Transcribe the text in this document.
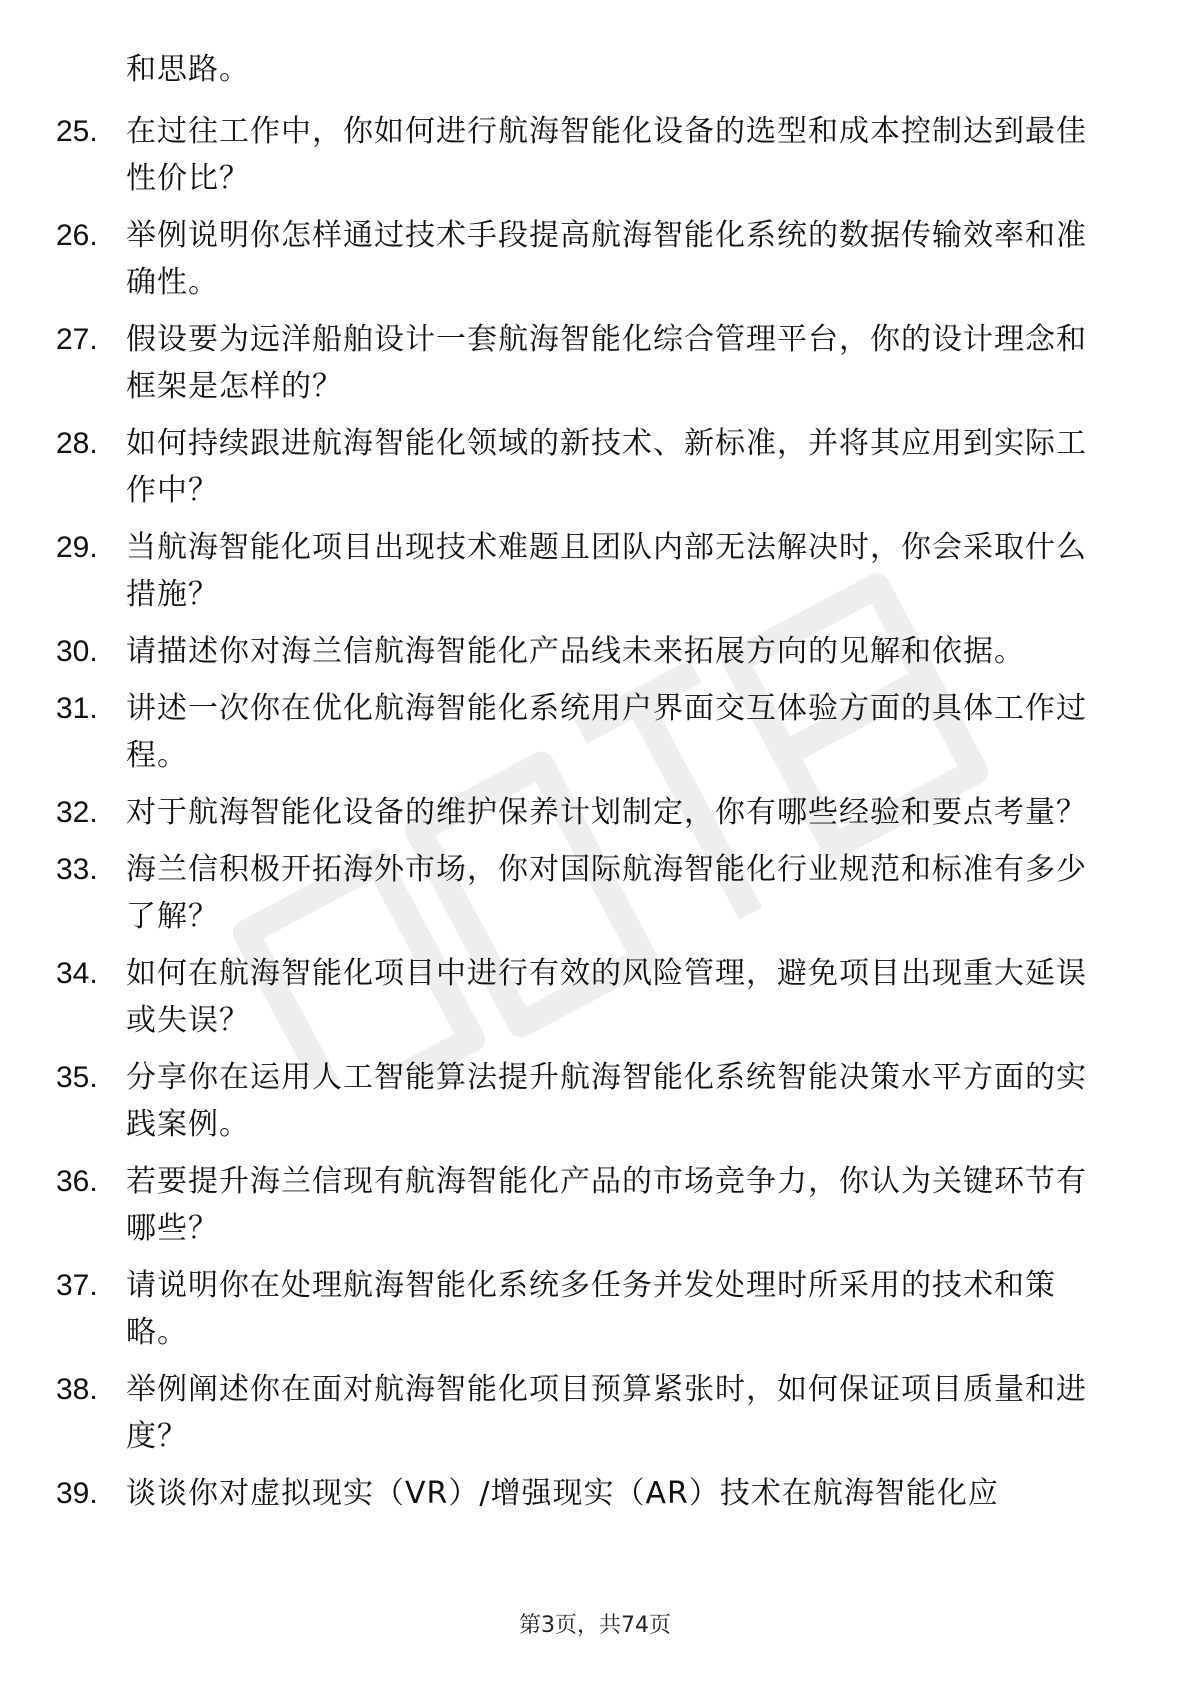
和思路。
25. 在过往工作中，你如何进行航海智能化设备的选型和成本控制达到最佳性价比？
26. 举例说明你怎样通过技术手段提高航海智能化系统的数据传输效率和准确性。
27. 假设要为远洋船舶设计一套航海智能化综合管理平台，你的设计理念和框架是怎样的？
28. 如何持续跟进航海智能化领域的新技术、新标准，并将其应用到实际工作中？
29. 当航海智能化项目出现技术难题且团队内部无法解决时，你会采取什么措施？
30. 请描述你对海兰信航海智能化产品线未来拓展方向的见解和依据。
31. 讲述一次你在优化航海智能化系统用户界面交互体验方面的具体工作过程。
32. 对于航海智能化设备的维护保养计划制定，你有哪些经验和要点考量？
33. 海兰信积极开拓海外市场，你对国际航海智能化行业规范和标准有多少了解？
34. 如何在航海智能化项目中进行有效的风险管理，避免项目出现重大延误或失误？
35. 分享你在运用人工智能算法提升航海智能化系统智能决策水平方面的实践案例。
36. 若要提升海兰信现有航海智能化产品的市场竞争力，你认为关键环节有哪些？
37. 请说明你在处理航海智能化系统多任务并发处理时所采用的技术和策略。
38. 举例阐述你在面对航海智能化项目预算紧张时，如何保证项目质量和进度？
39. 谈谈你对虚拟现实（VR）/增强现实（AR）技术在航海智能化应
第3页，共74页
